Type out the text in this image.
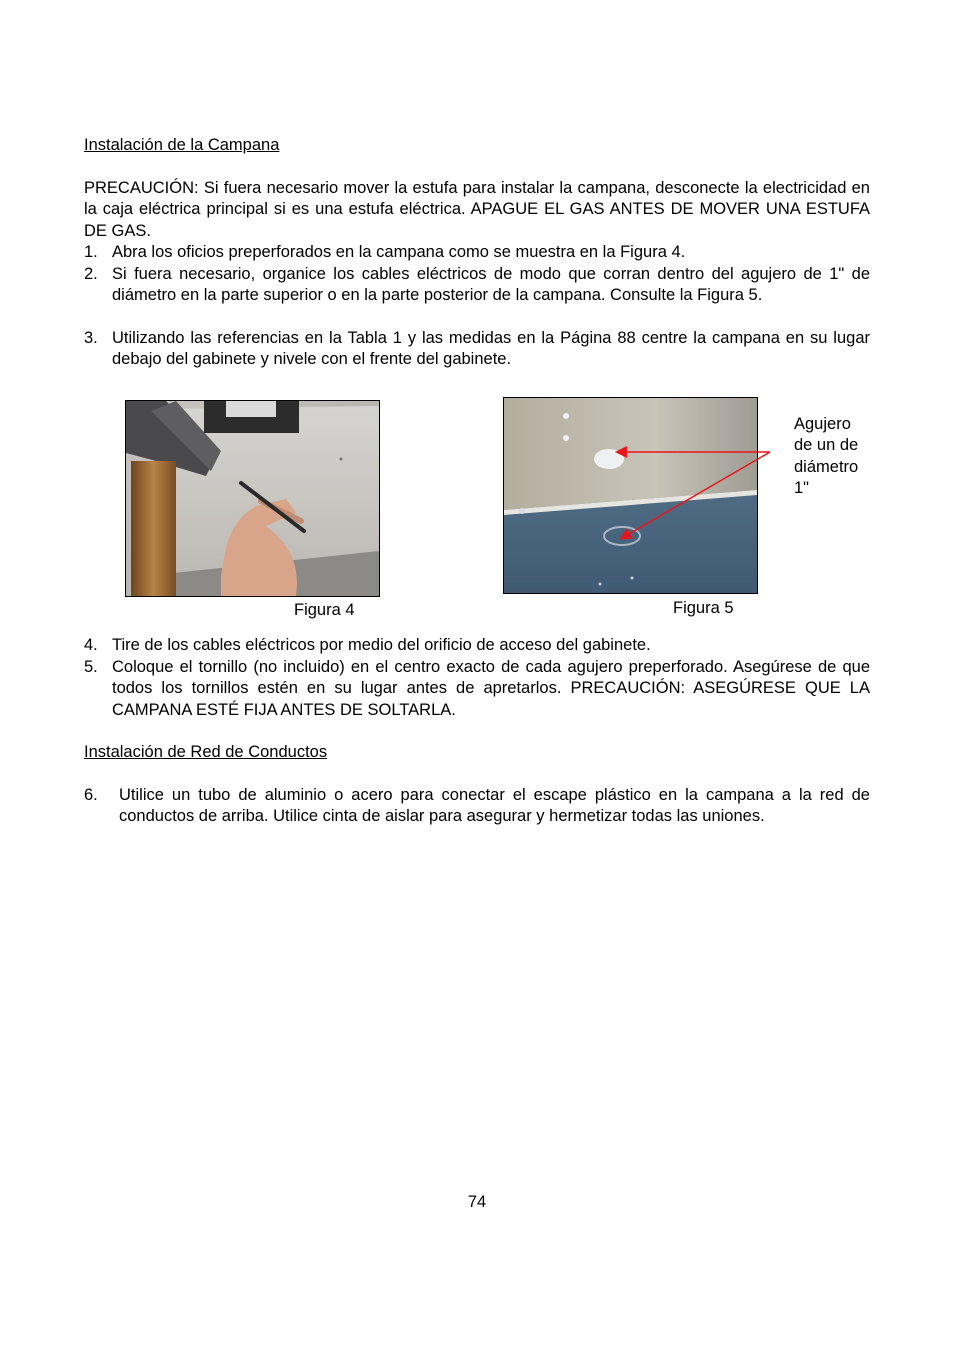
Instalación de la Campana
PRECAUCIÓN: Si fuera necesario mover la estufa para instalar la campana, desconecte la electricidad en la caja eléctrica principal si es una estufa eléctrica. APAGUE EL GAS ANTES DE MOVER UNA ESTUFA DE GAS.
1. Abra los oficios preperforados en la campana como se muestra en la Figura 4.
2. Si fuera necesario, organice los cables eléctricos de modo que corran dentro del agujero de 1" de diámetro en la parte superior o en la parte posterior de la campana. Consulte la Figura 5.
3. Utilizando las referencias en la Tabla 1 y las medidas en la Página 88 centre la campana en su lugar debajo del gabinete y nivele con el frente del gabinete.
Agujero
de un de
diámetro
1"
Figura 4	Figura 5
4. Tire de los cables eléctricos por medio del orificio de acceso del gabinete.
5. Coloque el tornillo (no incluido) en el centro exacto de cada agujero preperforado. Asegúrese de que todos los tornillos estén en su lugar antes de apretarlos. PRECAUCIÓN: ASEGÚRESE QUE LA CAMPANA ESTÉ FIJA ANTES DE SOLTARLA.
Instalación de Red de Conductos
6. Utilice un tubo de aluminio o acero para conectar el escape plástico en la campana a la red de conductos de arriba. Utilice cinta de aislar para asegurar y hermetizar todas las uniones.
74
